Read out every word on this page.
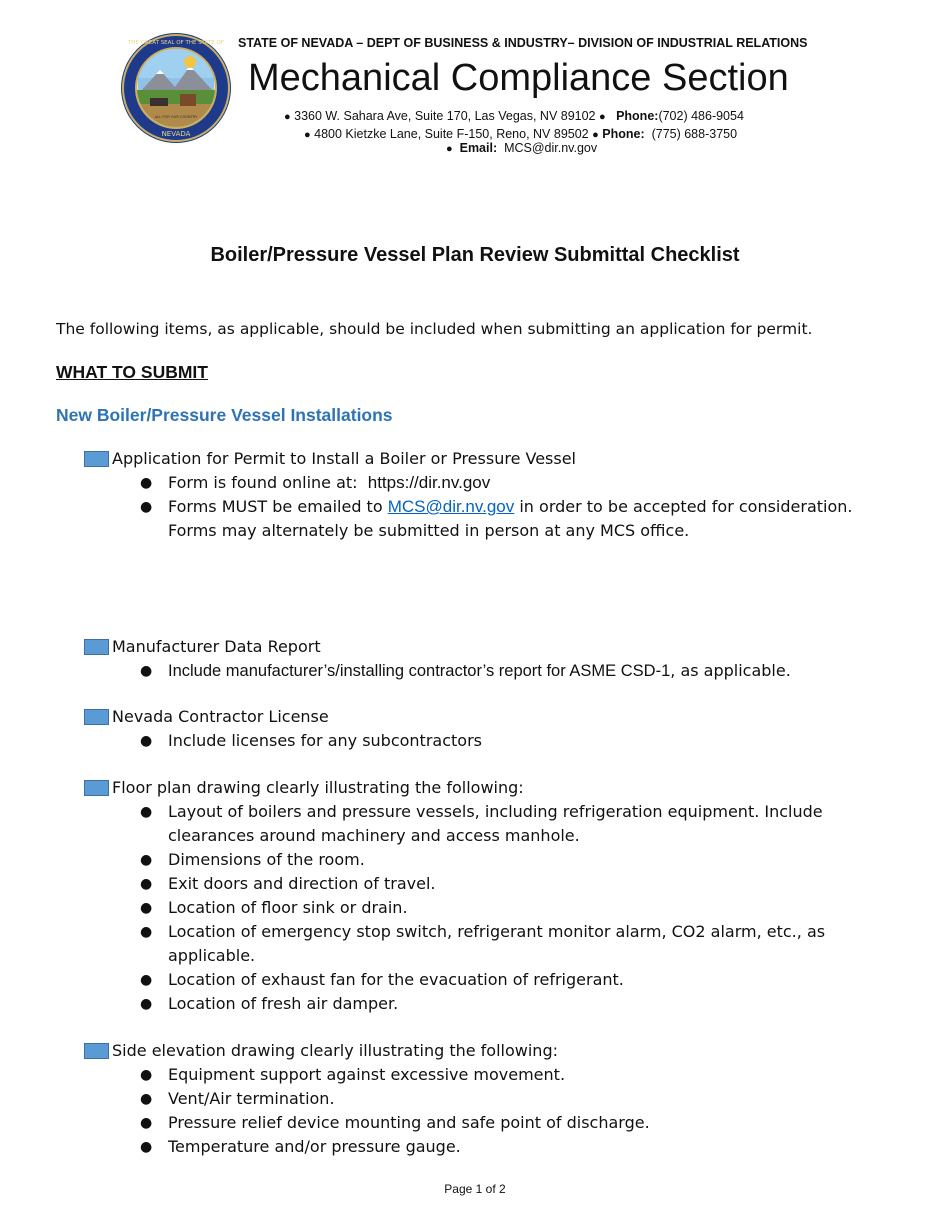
NEVADA
THE GREAT SEAL OF THE STATE OF
ALL FOR OUR COUNTRY
STATE OF NEVADA – DEPT OF BUSINESS & INDUSTRY– DIVISION OF INDUSTRIAL RELATIONS
Mechanical Compliance Section
● 3360 W. Sahara Ave, Suite 170, Las Vegas, NV 89102 ● Phone:(702) 486-9054
● 4800 Kietzke Lane, Suite F-150, Reno, NV 89502 ● Phone: (775) 688-3750
● Email: MCS@dir.nv.gov
Boiler/Pressure Vessel Plan Review Submittal Checklist
The following items, as applicable, should be included when submitting an application for permit.
WHAT TO SUBMIT
New Boiler/Pressure Vessel Installations
Application for Permit to Install a Boiler or Pressure Vessel
● Form is found online at: https://dir.nv.gov
● Forms MUST be emailed to MCS@dir.nv.gov in order to be accepted for consideration.
Forms may alternately be submitted in person at any MCS office.
Manufacturer Data Report
● Include manufacturer’s/installing contractor’s report for ASME CSD-1, as applicable.
Nevada Contractor License
● Include licenses for any subcontractors
Floor plan drawing clearly illustrating the following:
● Layout of boilers and pressure vessels, including refrigeration equipment. Include clearances around machinery and access manhole.
● Dimensions of the room.
● Exit doors and direction of travel.
● Location of floor sink or drain.
● Location of emergency stop switch, refrigerant monitor alarm, CO2 alarm, etc., as applicable.
● Location of exhaust fan for the evacuation of refrigerant.
● Location of fresh air damper.
Side elevation drawing clearly illustrating the following:
● Equipment support against excessive movement.
● Vent/Air termination.
● Pressure relief device mounting and safe point of discharge.
● Temperature and/or pressure gauge.
Page 1 of 2
